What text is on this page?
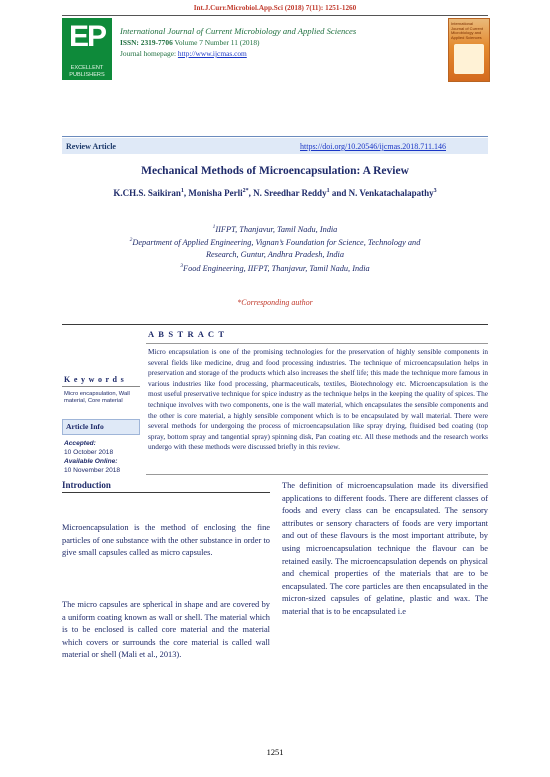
Int.J.Curr.Microbiol.App.Sci (2018) 7(11): 1251-1260
EP
EXCELLENT
PUBLISHERS
International Journal of Current Microbiology and Applied Sciences
ISSN: 2319-7706 Volume 7 Number 11 (2018)
Journal homepage: http://www.ijcmas.com
International Journal of Current Microbiology and Applied Sciences
Review Article	https://doi.org/10.20546/ijcmas.2018.711.146
Mechanical Methods of Microencapsulation: A Review
K.CH.S. Saikiran$^1$, Monisha Perli$^{2*}$, N. Sreedhar Reddy$^1$ and N. Venkatachalapathy$^3$
$^1$IIFPT, Thanjavur, Tamil Nadu, India
$^2$Department of Applied Engineering, Vignan’s Foundation for Science, Technology and
Research, Guntur, Andhra Pradesh, India
$^3$Food Engineering, IIFPT, Thanjavur, Tamil Nadu, India
*Corresponding author
A B S T R A C T
Micro encapsulation is one of the promising technologies for the preservation of highly sensible components in several fields like medicine, drug and food processing industries. The technique of microencapsulation helps in preservation and storage of the products which also increases the shelf life; this made the technique more famous in various industries like food processing, pharmaceuticals, textiles, Biotechnology etc. Microencapsulation is the most useful preservative technique for spice industry as the technique helps in the keeping the quality of spices. The technique involves with two components, one is the wall material, which encapsulates the sensible components and the other is core material, a highly sensible component which is to be encapsulated by wall material. There were several methods for undergoing the process of microencapsulation like spray drying, fluidised bed coating (top spray, bottom spray and tangential spray) spinning disk, Pan coating etc. All these methods and the research works undergo with these methods were discussed briefly in this review.
K e y w o r d s
Micro encapsulation, Wall material, Core material
Article Info
Accepted:
10 October 2018
Available Online:
10 November 2018
Introduction
Microencapsulation is the method of enclosing the fine particles of one substance with the other substance in order to give small capsules called as micro capsules.
The micro capsules are spherical in shape and are covered by a uniform coating known as wall or shell. The material which is to be enclosed is called core material and the material which covers or surrounds the core material is called wall material or shell (Mali et al., 2013).
The definition of microencapsulation made its diversified applications to different foods. There are different classes of foods and every class can be encapsulated. The sensory attributes or sensory characters of foods are very important and out of these flavours is the most important attribute, by using microencapsulation technique the flavour can be retained easily. The microencapsulation depends on physical and chemical properties of the materials that are to be encapsulated. The core particles are then encapsulated in the micron-sized capsules of gelatine, plastic and wax. The material that is to be encapsulated i.e
1251
